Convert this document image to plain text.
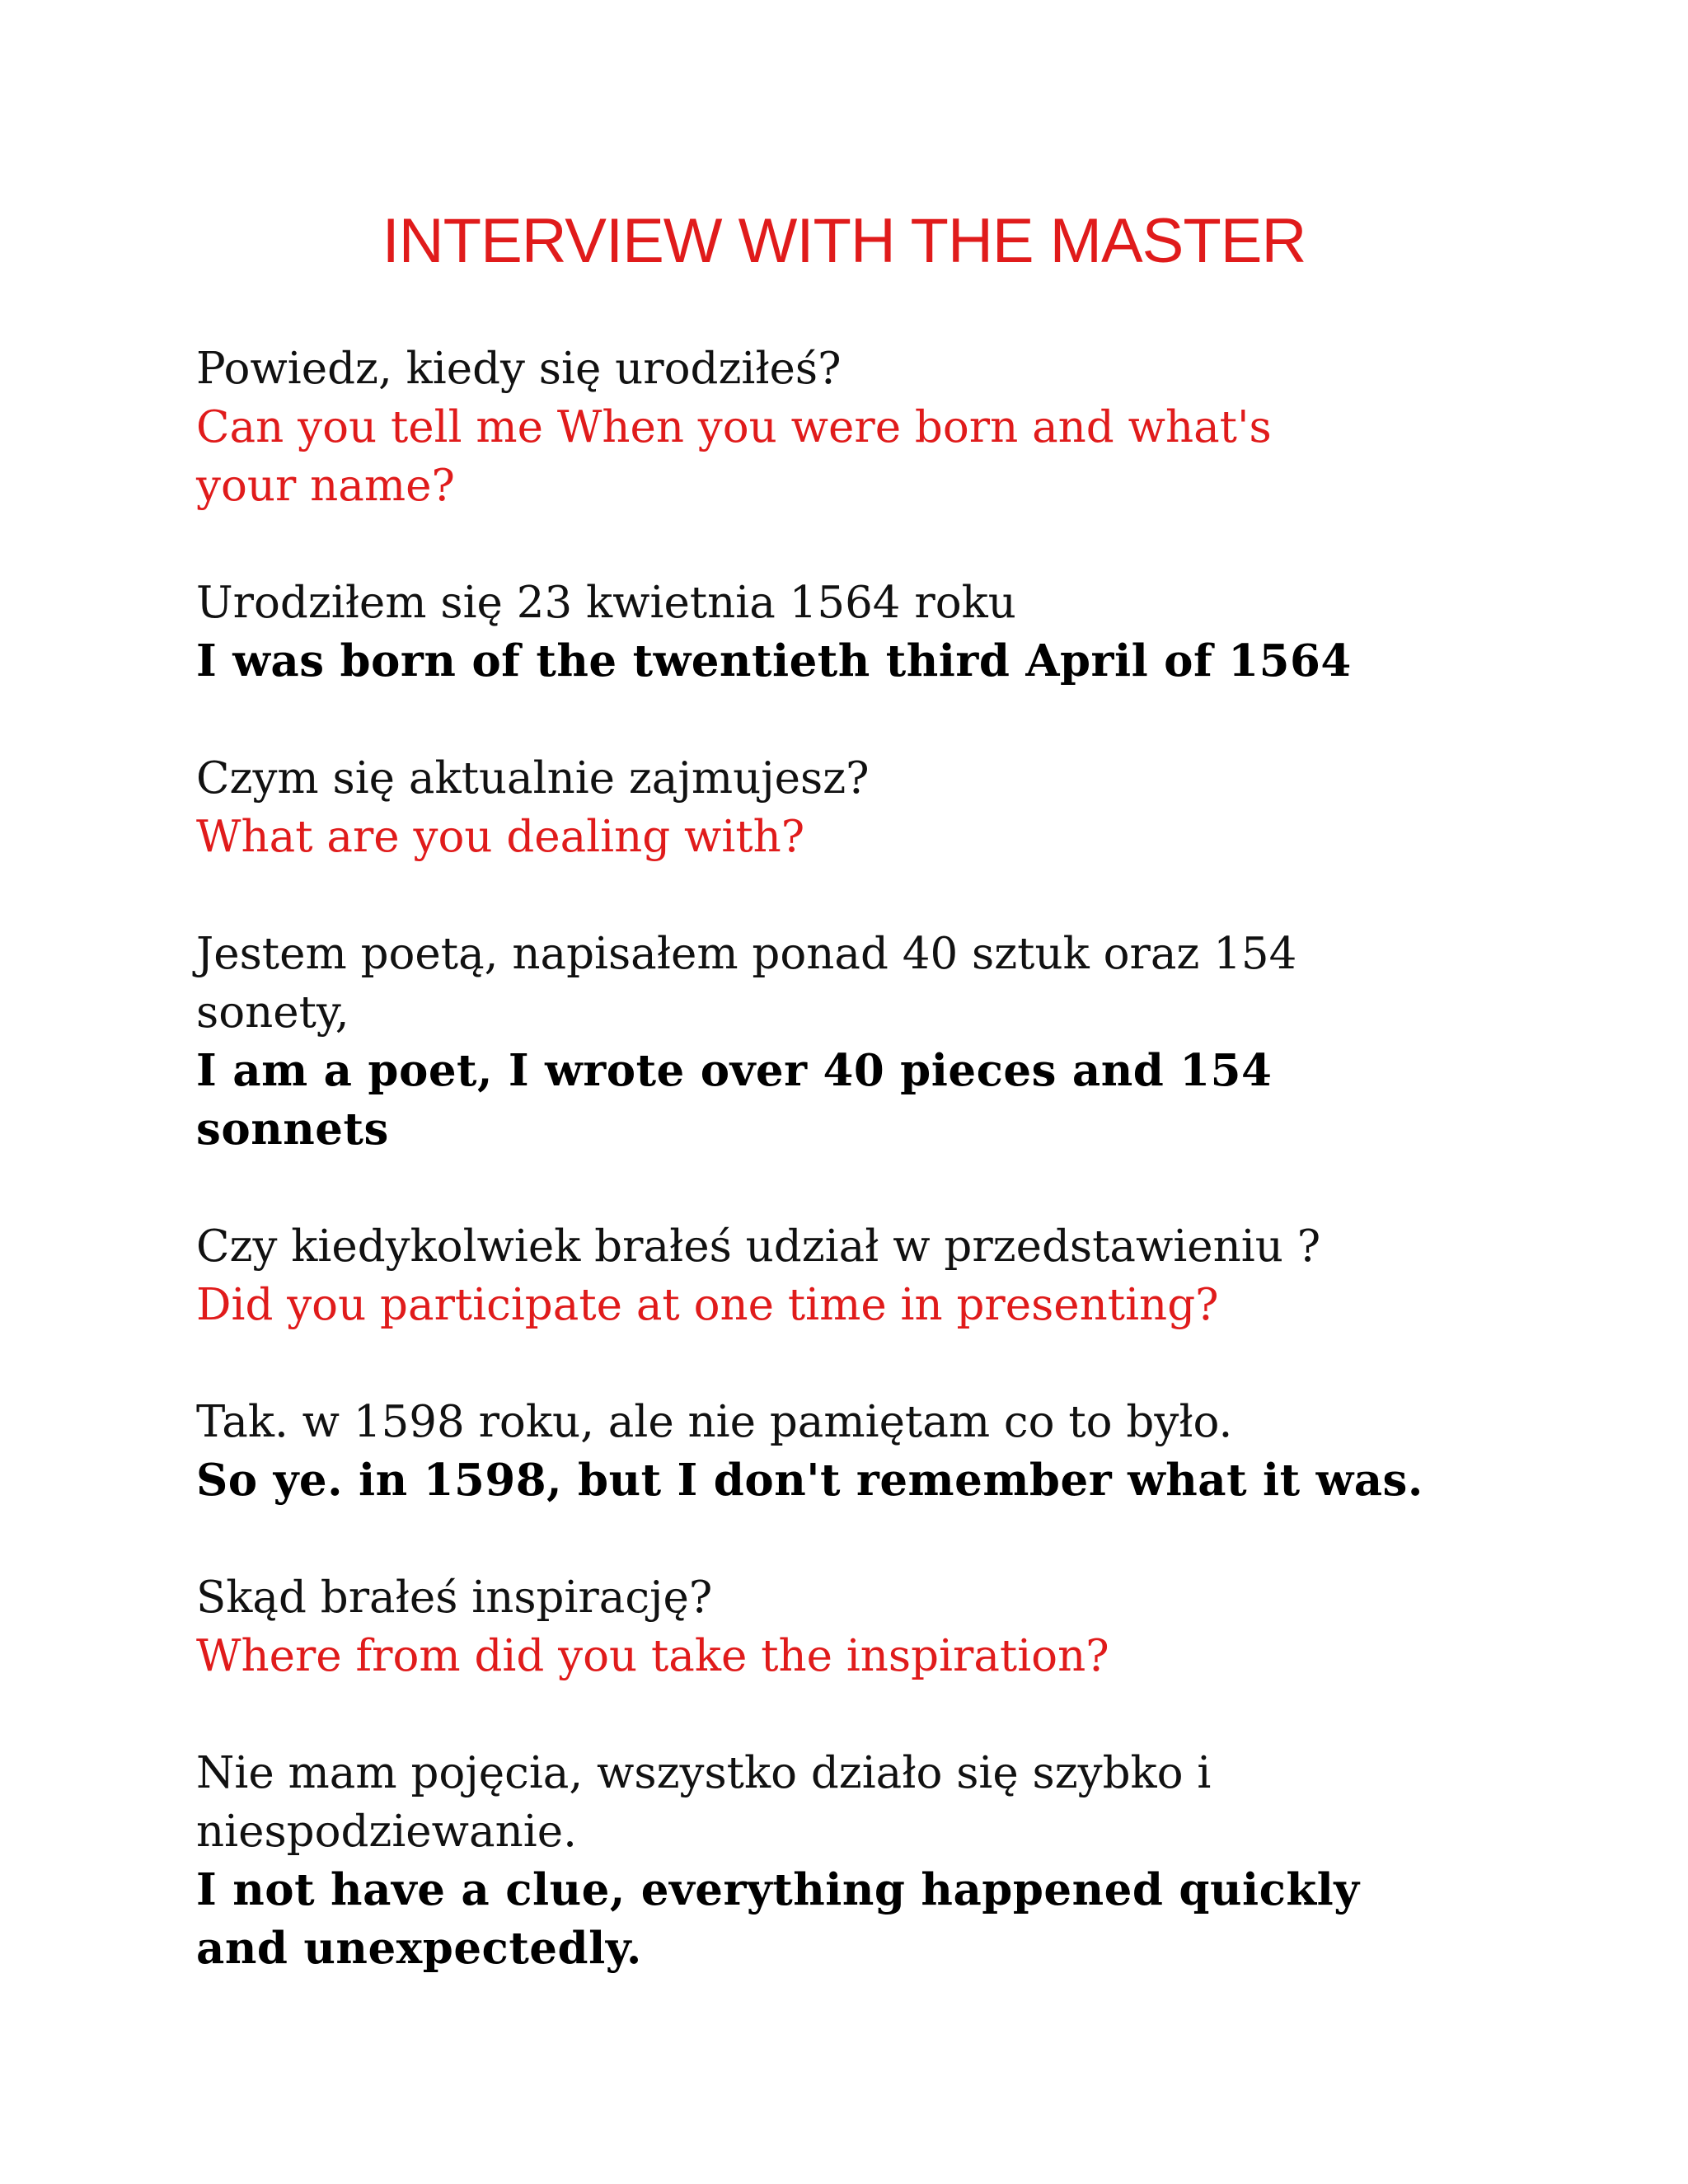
INTERVIEW WITH THE MASTER
Powiedz, kiedy się urodziłeś?
Can you tell me When you were born and what's
your name?
Urodziłem się 23 kwietnia 1564 roku
I was born of the twentieth third April of 1564
Czym się aktualnie zajmujesz?
What are you dealing with?
Jestem poetą, napisałem ponad 40 sztuk oraz 154
sonety,
I am a poet, I wrote over 40 pieces and 154
sonnets
Czy kiedykolwiek brałeś udział w przedstawieniu ?
Did you participate at one time in presenting?
Tak. w 1598 roku, ale nie pamiętam co to było.
So ye. in 1598, but I don't remember what it was.
Skąd brałeś inspirację?
Where from did you take the inspiration?
Nie mam pojęcia, wszystko działo się szybko i
niespodziewanie.
I not have a clue, everything happened quickly
and unexpectedly.
